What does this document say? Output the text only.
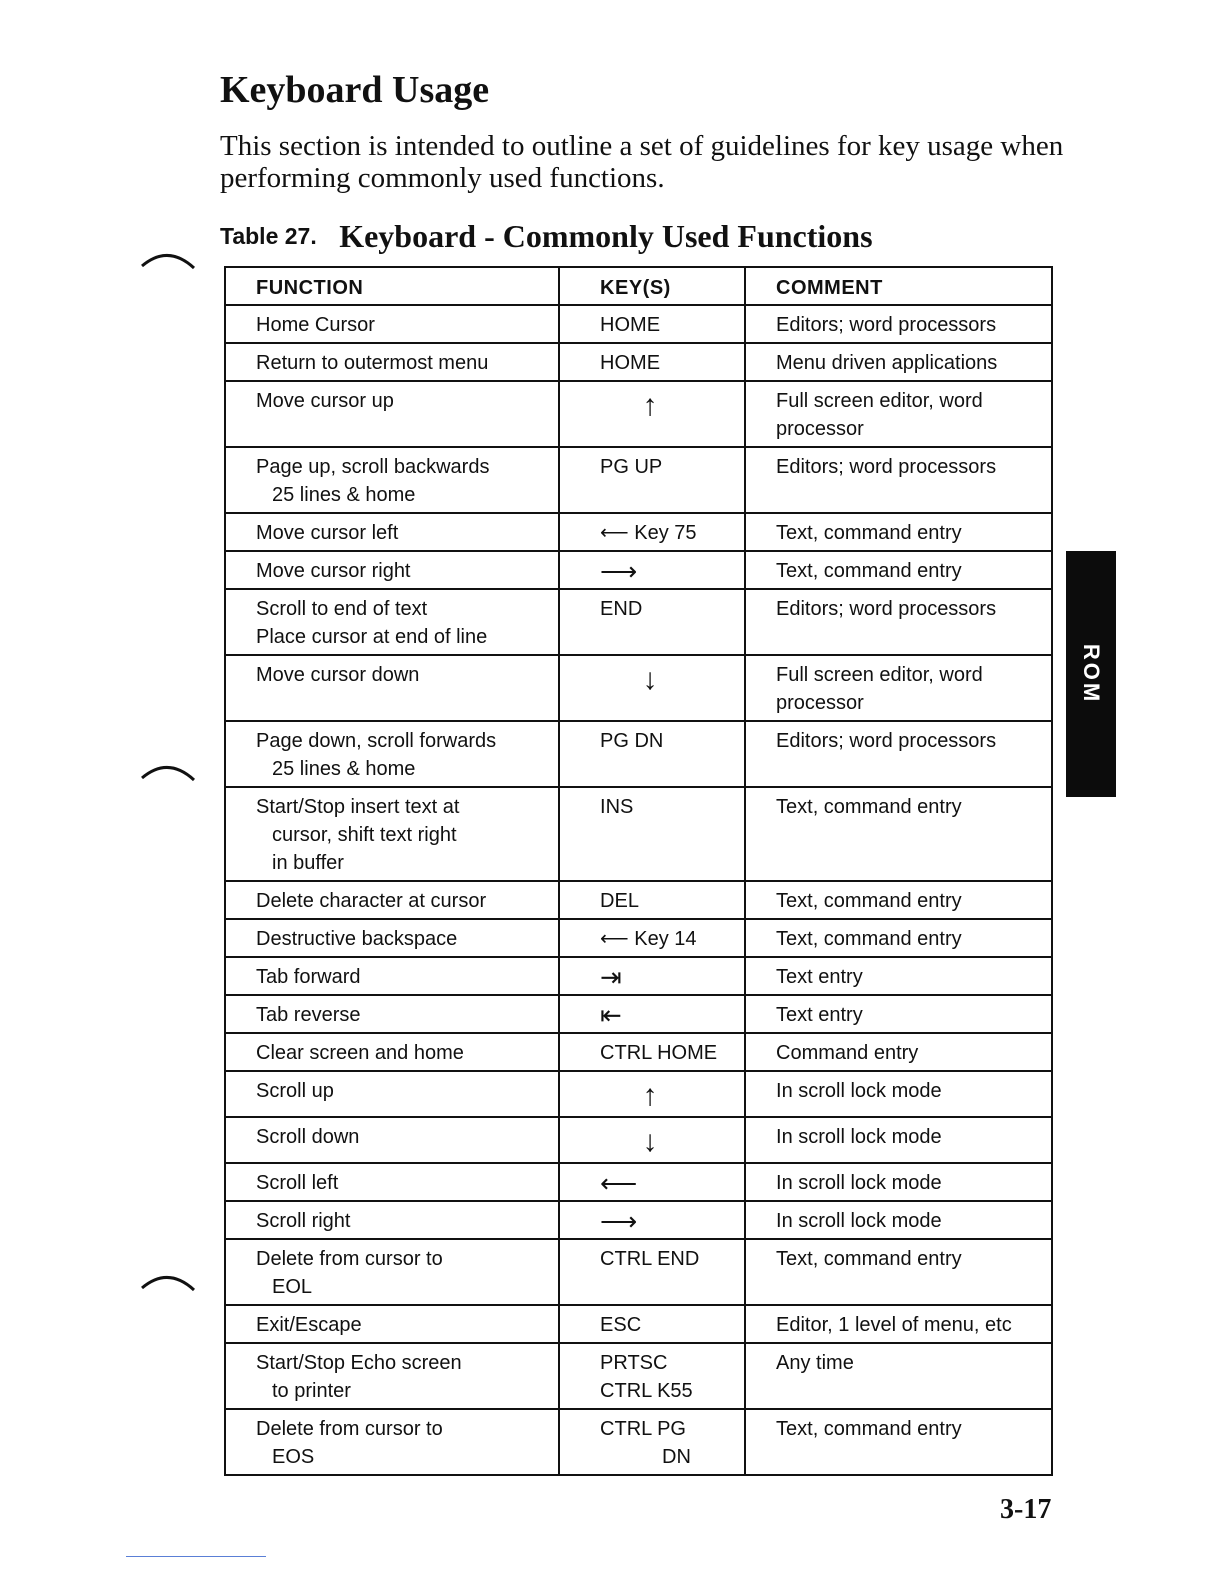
Keyboard Usage

This section is intended to outline a set of guidelines for key usage when performing commonly used functions.

Table 27. Keyboard - Commonly Used Functions
FUNCTION	KEY(S)	COMMENT

Home Cursor	HOME	Editors; word processors

Return to outermost menu	HOME	Menu driven applications

Move cursor up	↑	Full screen editor, word
processor

Page up, scroll backwards
25 lines & home	PG UP	Editors; word processors

Move cursor left	⟵ Key 75	Text, command entry

Move cursor right	⟶	Text, command entry

Scroll to end of text
Place cursor at end of line	END	Editors; word processors

Move cursor down	↓	Full screen editor, word
processor

Page down, scroll forwards
25 lines & home	PG DN	Editors; word processors

Start/Stop insert text at
cursor, shift text right
in buffer	INS	Text, command entry

Delete character at cursor	DEL	Text, command entry

Destructive backspace	⟵ Key 14	Text, command entry

Tab forward	⇥	Text entry

Tab reverse	⇤	Text entry

Clear screen and home	CTRL HOME	Command entry

Scroll up	↑	In scroll lock mode

Scroll down	↓	In scroll lock mode

Scroll left	⟵	In scroll lock mode

Scroll right	⟶	In scroll lock mode

Delete from cursor to
EOL	CTRL END	Text, command entry

Exit/Escape	ESC	Editor, 1 level of menu, etc

Start/Stop Echo screen
to printer	PRTSC
CTRL K55	Any time

Delete from cursor to
EOS	CTRL PG
DN	Text, command entry
ROM

3-17
